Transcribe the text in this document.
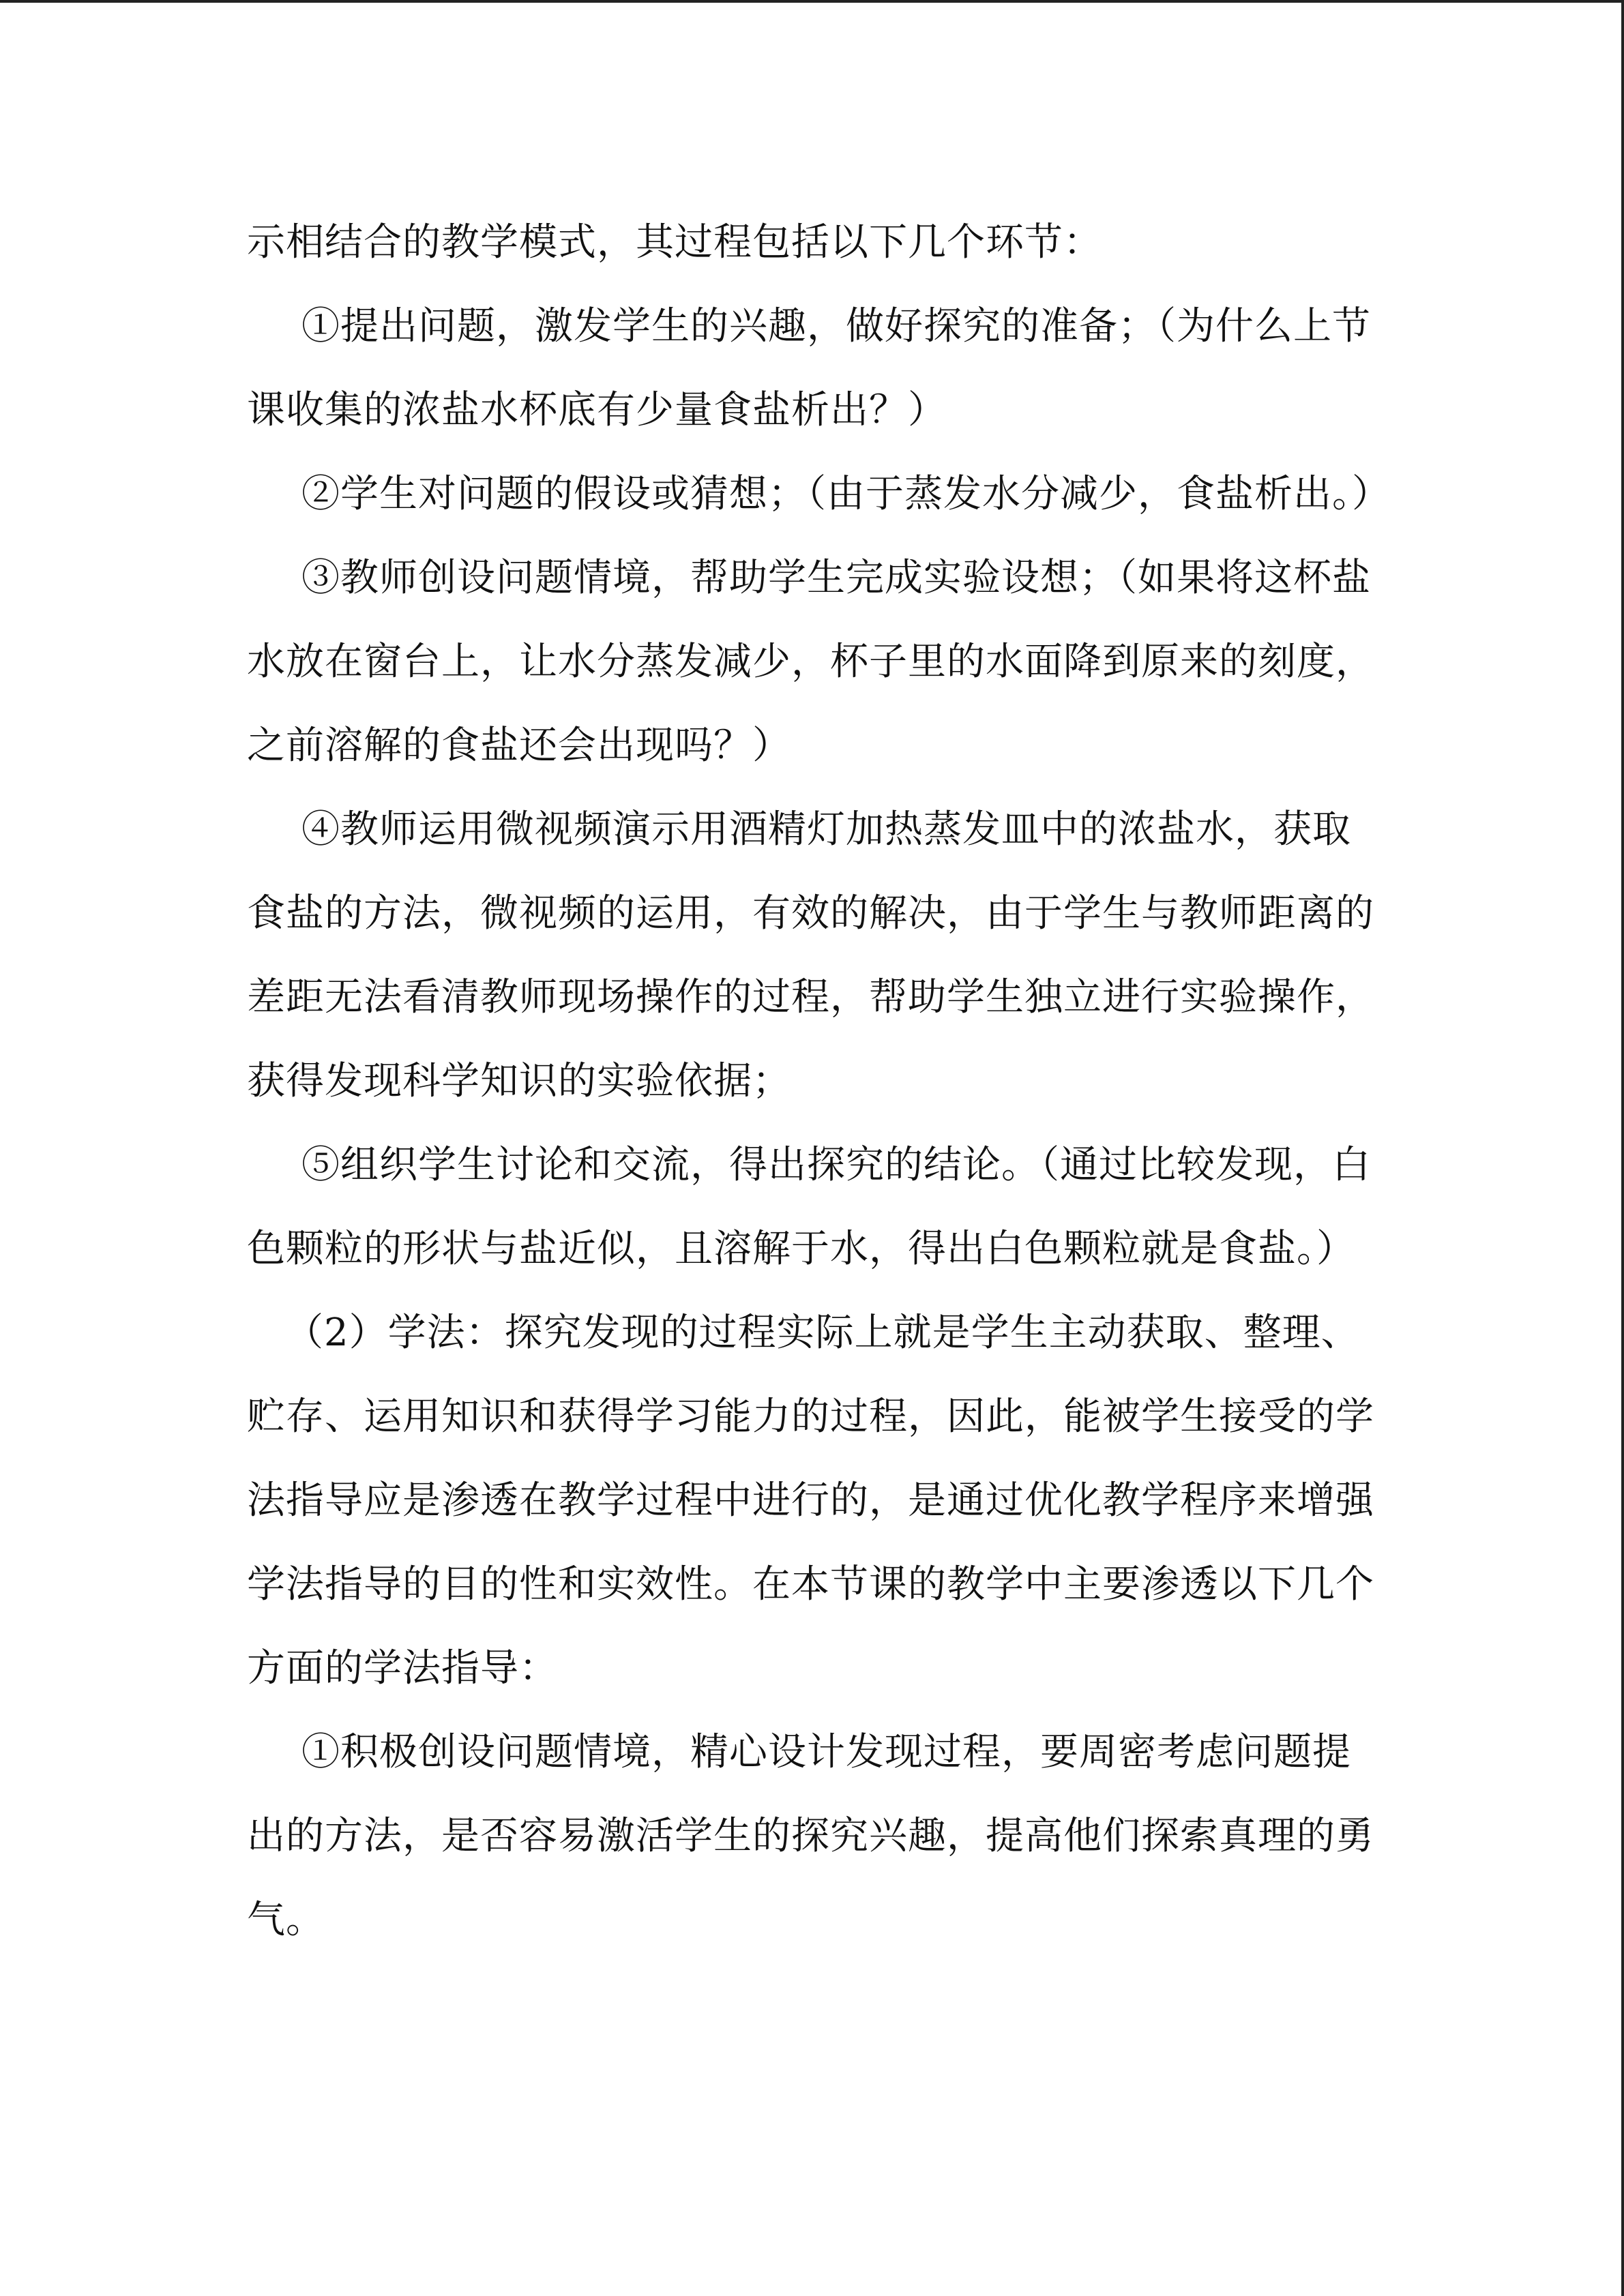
示相结合的教学模式，其过程包括以下几个环节：

①提出问题，激发学生的兴趣，做好探究的准备；（为什么上节课收集的浓盐水杯底有少量食盐析出？）

②学生对问题的假设或猜想；（由于蒸发水分减少，食盐析出。）

③教师创设问题情境，帮助学生完成实验设想；（如果将这杯盐水放在窗台上，让水分蒸发减少，杯子里的水面降到原来的刻度，之前溶解的食盐还会出现吗？）

④教师运用微视频演示用酒精灯加热蒸发皿中的浓盐水，获取食盐的方法，微视频的运用，有效的解决，由于学生与教师距离的差距无法看清教师现场操作的过程，帮助学生独立进行实验操作，获得发现科学知识的实验依据；

⑤组织学生讨论和交流，得出探究的结论。（通过比较发现，白色颗粒的形状与盐近似，且溶解于水，得出白色颗粒就是食盐。）

（2）学法：探究发现的过程实际上就是学生主动获取、整理、贮存、运用知识和获得学习能力的过程，因此，能被学生接受的学法指导应是渗透在教学过程中进行的，是通过优化教学程序来增强学法指导的目的性和实效性。在本节课的教学中主要渗透以下几个方面的学法指导：

①积极创设问题情境，精心设计发现过程，要周密考虑问题提出的方法，是否容易激活学生的探究兴趣，提高他们探索真理的勇气。
